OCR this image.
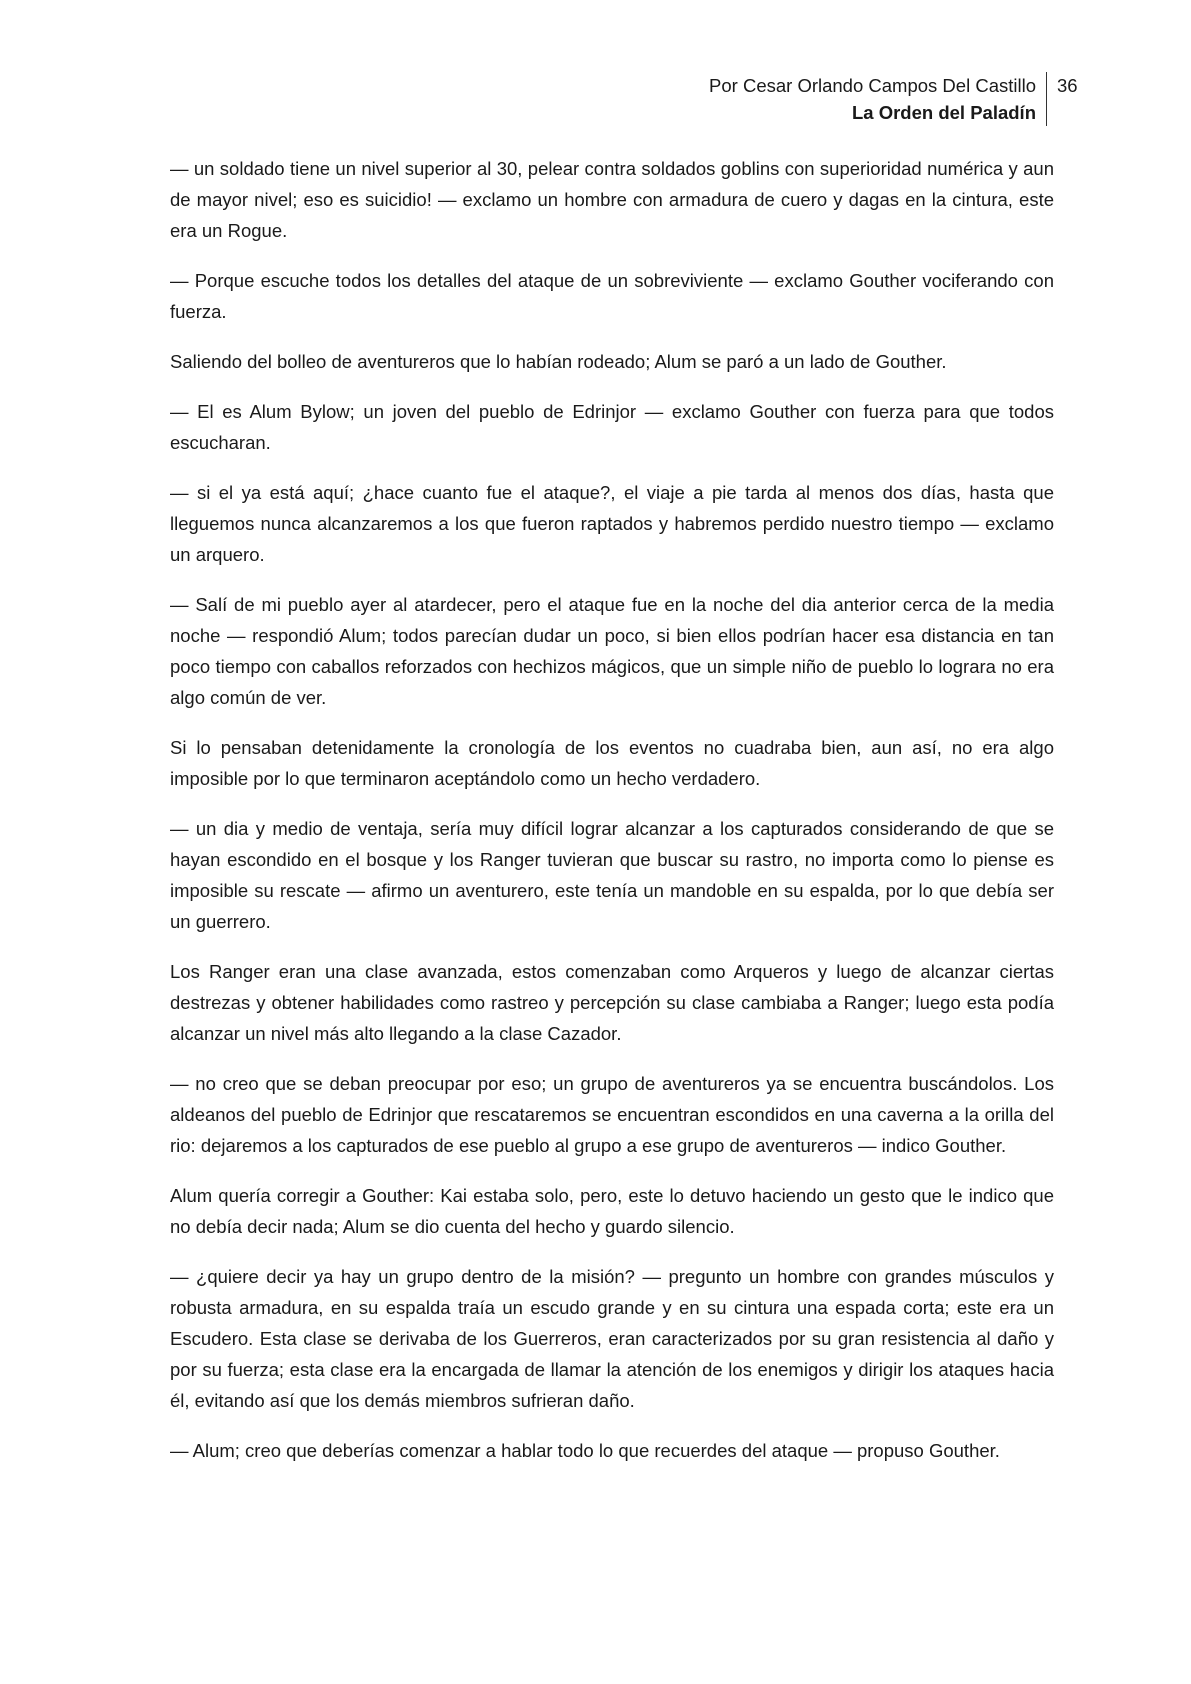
Por Cesar Orlando Campos Del Castillo
La Orden del Paladín
36

— un soldado tiene un nivel superior al 30, pelear contra soldados goblins con superioridad numérica y aun de mayor nivel; eso es suicidio! — exclamo un hombre con armadura de cuero y dagas en la cintura, este era un Rogue.

— Porque escuche todos los detalles del ataque de un sobreviviente — exclamo Gouther vociferando con fuerza.

Saliendo del bolleo de aventureros que lo habían rodeado; Alum se paró a un lado de Gouther.

— El es Alum Bylow; un joven del pueblo de Edrinjor — exclamo Gouther con fuerza para que todos escucharan.

— si el ya está aquí; ¿hace cuanto fue el ataque?, el viaje a pie tarda al menos dos días, hasta que lleguemos nunca alcanzaremos a los que fueron raptados y habremos perdido nuestro tiempo — exclamo un arquero.

— Salí de mi pueblo ayer al atardecer, pero el ataque fue en la noche del dia anterior cerca de la media noche — respondió Alum; todos parecían dudar un poco, si bien ellos podrían hacer esa distancia en tan poco tiempo con caballos reforzados con hechizos mágicos, que un simple niño de pueblo lo lograra no era algo común de ver.

Si lo pensaban detenidamente la cronología de los eventos no cuadraba bien, aun así, no era algo imposible por lo que terminaron aceptándolo como un hecho verdadero.

— un dia y medio de ventaja, sería muy difícil lograr alcanzar a los capturados considerando de que se hayan escondido en el bosque y los Ranger tuvieran que buscar su rastro, no importa como lo piense es imposible su rescate — afirmo un aventurero, este tenía un mandoble en su espalda, por lo que debía ser un guerrero.

Los Ranger eran una clase avanzada, estos comenzaban como Arqueros y luego de alcanzar ciertas destrezas y obtener habilidades como rastreo y percepción su clase cambiaba a Ranger; luego esta podía alcanzar un nivel más alto llegando a la clase Cazador.

— no creo que se deban preocupar por eso; un grupo de aventureros ya se encuentra buscándolos. Los aldeanos del pueblo de Edrinjor que rescataremos se encuentran escondidos en una caverna a la orilla del rio: dejaremos a los capturados de ese pueblo al grupo a ese grupo de aventureros — indico Gouther.

Alum quería corregir a Gouther: Kai estaba solo, pero, este lo detuvo haciendo un gesto que le indico que no debía decir nada; Alum se dio cuenta del hecho y guardo silencio.

— ¿quiere decir ya hay un grupo dentro de la misión? — pregunto un hombre con grandes músculos y robusta armadura, en su espalda traía un escudo grande y en su cintura una espada corta; este era un Escudero. Esta clase se derivaba de los Guerreros, eran caracterizados por su gran resistencia al daño y por su fuerza; esta clase era la encargada de llamar la atención de los enemigos y dirigir los ataques hacia él, evitando así que los demás miembros sufrieran daño.

— Alum; creo que deberías comenzar a hablar todo lo que recuerdes del ataque — propuso Gouther.
